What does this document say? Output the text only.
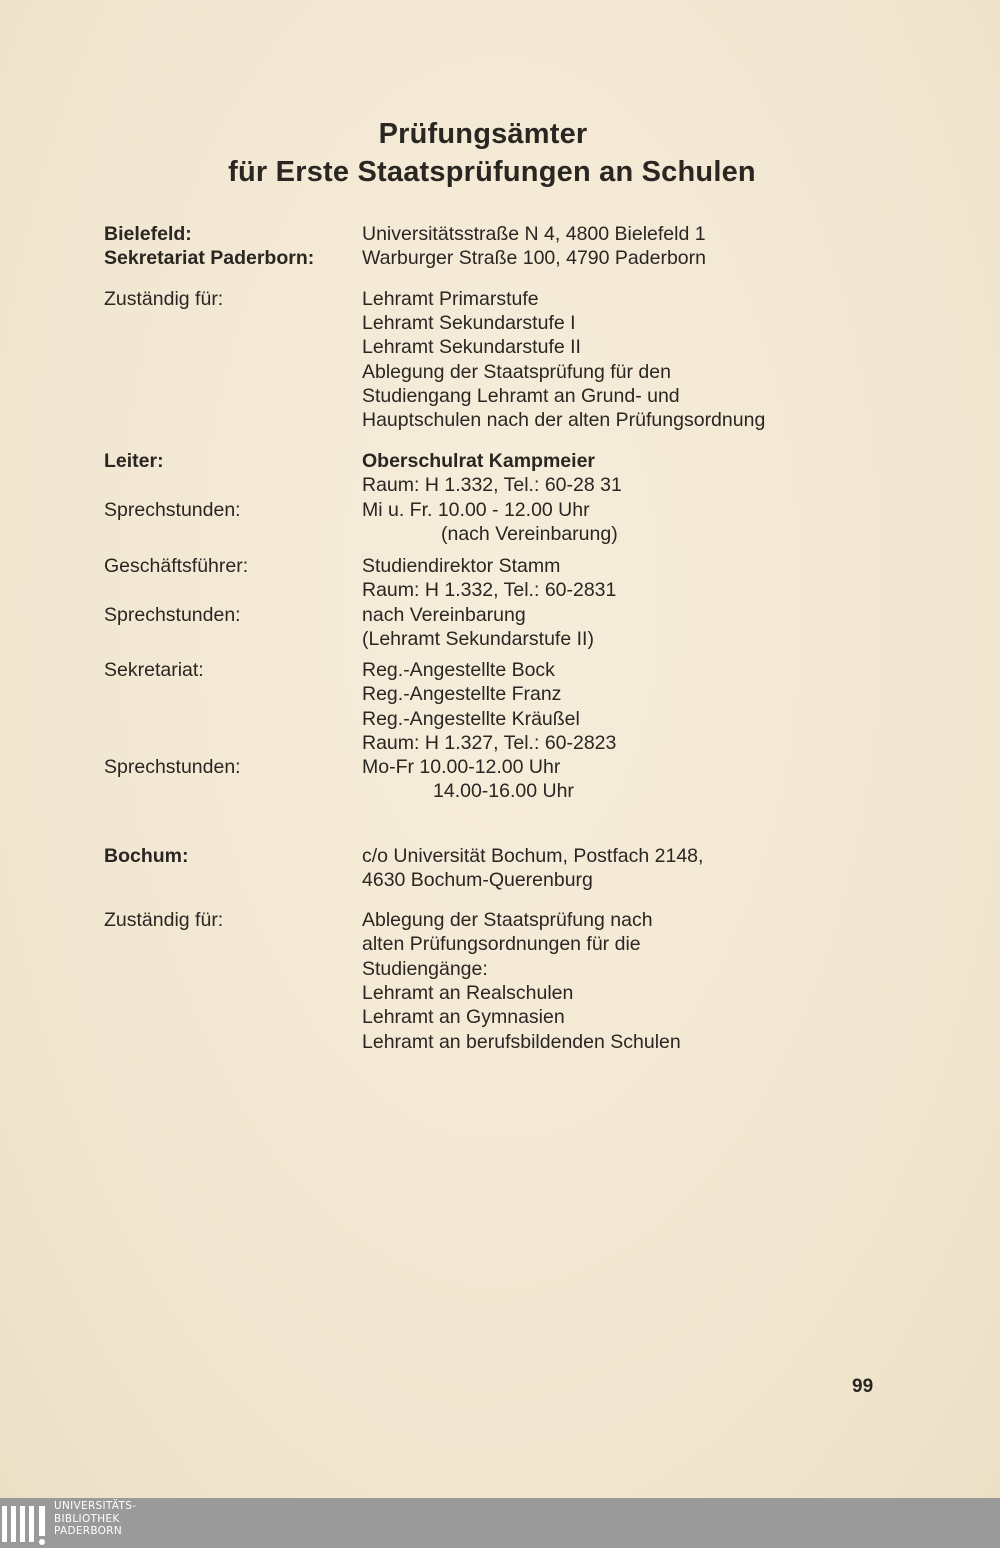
Prüfungsämter
für Erste Staatsprüfungen an Schulen
Bielefeld:	Universitätsstraße N 4, 4800 Bielefeld 1
Sekretariat Paderborn: Warburger Straße 100, 4790 Paderborn
Zuständig für:	Lehramt Primarstufe
Lehramt Sekundarstufe I
Lehramt Sekundarstufe II
Ablegung der Staatsprüfung für den
Studiengang Lehramt an Grund- und
Hauptschulen nach der alten Prüfungsordnung
Leiter:	Oberschulrat Kampmeier
Raum: H 1.332, Tel.: 60-28 31
Sprechstunden:	Mi u. Fr. 10.00 - 12.00 Uhr
(nach Vereinbarung)
Geschäftsführer:	Studiendirektor Stamm
Raum: H 1.332, Tel.: 60-2831
Sprechstunden:	nach Vereinbarung
(Lehramt Sekundarstufe II)
Sekretariat:	Reg.-Angestellte Bock
Reg.-Angestellte Franz
Reg.-Angestellte Kräußel
Raum: H 1.327, Tel.: 60-2823
Sprechstunden:	Mo-Fr 10.00-12.00 Uhr
14.00-16.00 Uhr
Bochum:	c/o Universität Bochum, Postfach 2148,
4630 Bochum-Querenburg
Zuständig für:	Ablegung der Staatsprüfung nach
alten Prüfungsordnungen für die
Studiengänge:
Lehramt an Realschulen
Lehramt an Gymnasien
Lehramt an berufsbildenden Schulen
99
UNIVERSITÄTS-
BIBLIOTHEK
PADERBORN
